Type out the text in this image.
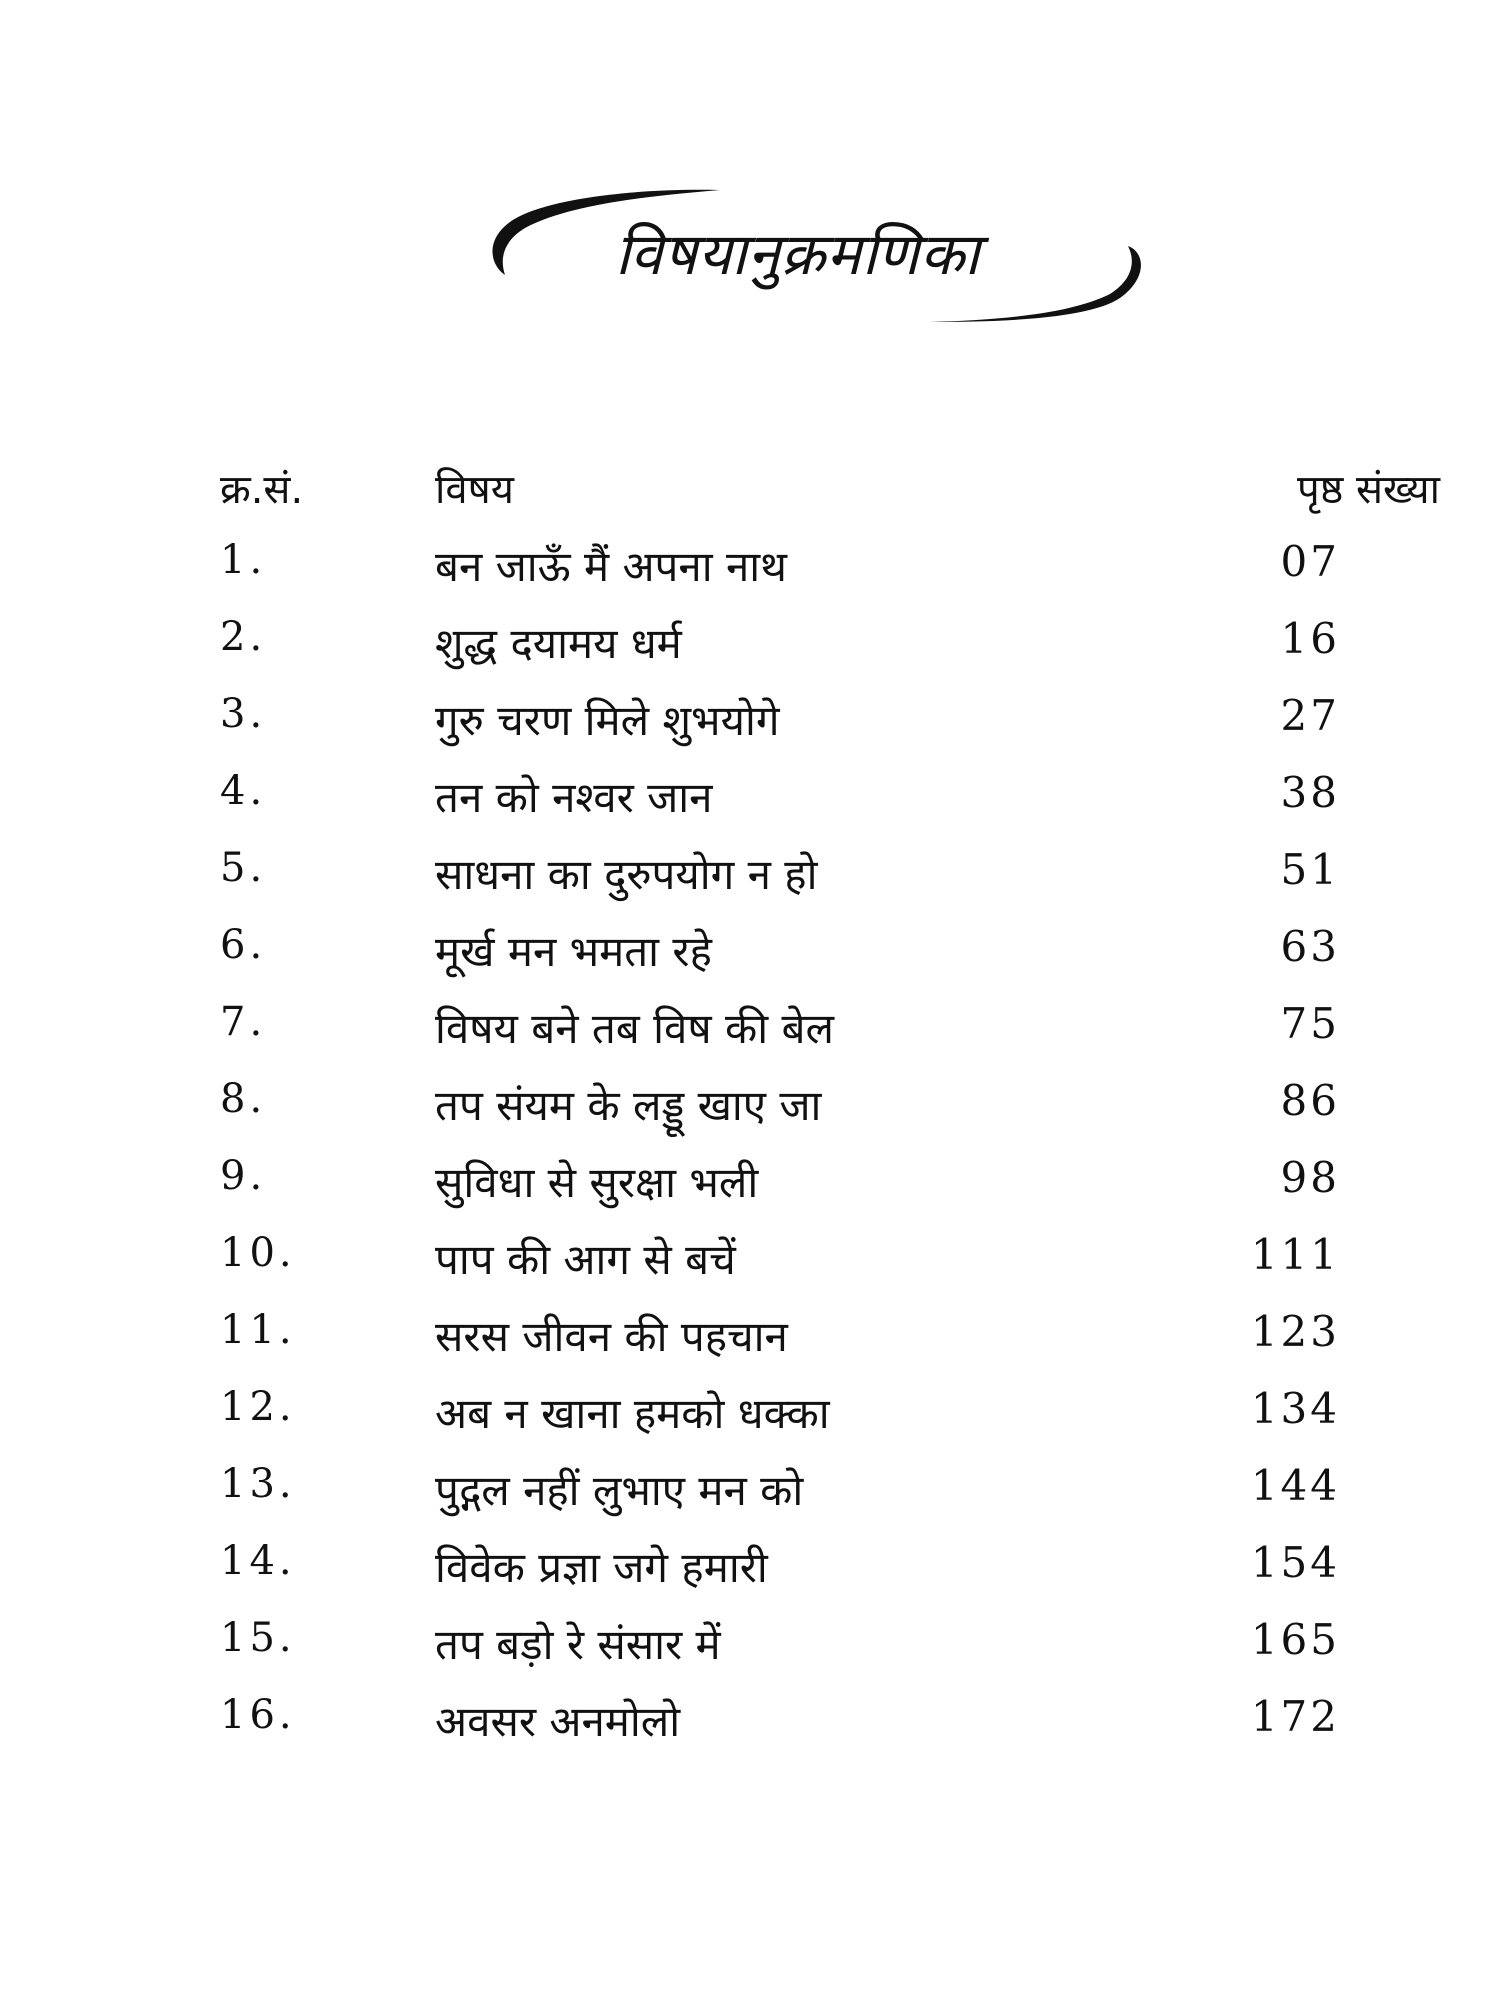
विषयानुक्रमणिका
क्र.सं.	विषय	पृष्ठ संख्या
1.	बन जाऊँ मैं अपना नाथ	07
2.	शुद्ध दयामय धर्म	16
3.	गुरु चरण मिले शुभयोगे	27
4.	तन को नश्वर जान	38
5.	साधना का दुरुपयोग न हो	51
6.	मूर्ख मन भमता रहे	63
7.	विषय बने तब विष की बेल	75
8.	तप संयम के लड्डू खाए जा	86
9.	सुविधा से सुरक्षा भली	98
10.	पाप की आग से बचें	111
11.	सरस जीवन की पहचान	123
12.	अब न खाना हमको धक्का	134
13.	पुद्गल नहीं लुभाए मन को	144
14.	विवेक प्रज्ञा जगे हमारी	154
15.	तप बड़ो रे संसार में	165
16.	अवसर अनमोलो	172
